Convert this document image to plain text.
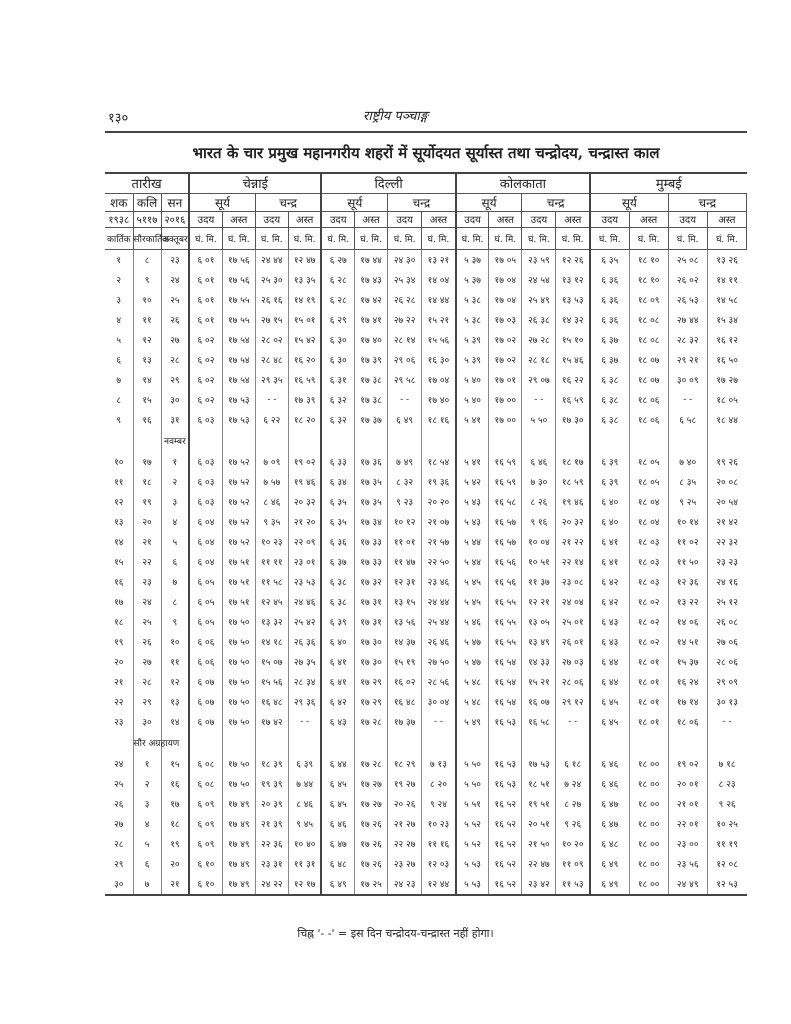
१३०	राष्ट्रीय पञ्चाङ्ग
भारत के चार प्रमुख महानगरीय शहरों में सूर्योदयत सूर्यास्त तथा चन्द्रोदय, चन्द्रास्त काल
तारीख			चेन्नाई				दिल्ली				कोलकाता				मुम्बई			
शक	कलि	सन	सूर्य		चन्द्र		सूर्य		चन्द्र		सूर्य		चन्द्र		सूर्य		चन्द्र	
१९३८	५११७	२०१६	उदय	अस्त	उदय	अस्त	उदय	अस्त	उदय	अस्त	उदय	अस्त	उदय	अस्त	उदय	अस्त	उदय	अस्त
कार्तिक	सौरकार्तिक	अक्तूबर	घं. मि.	घं. मि.	घं. मि.	घं. मि.	घं. मि.	घं. मि.	घं. मि.	घं. मि.	घं. मि.	घं. मि.	घं. मि.	घं. मि.	घं. मि.	घं. मि.	घं. मि.	घं. मि.
१	८	२३	६ ०१	१७ ५६	२४ ४४	१२ ४७	६ २७	१७ ४४	२४ ३०	१३ २१	५ ३७	१७ ०५	२३ ५९	१२ २६	६ ३५	१८ १०	२५ ०८	१३ २६
२	९	२४	६ ०१	१७ ५६	२५ ३०	१३ ३५	६ २८	१७ ४३	२५ ३४	१४ ०४	५ ३७	१७ ०४	२४ ५४	१३ १२	६ ३६	१८ १०	२६ ०२	१४ ११
३	१०	२५	६ ०१	१७ ५५	२६ १६	१४ १९	६ २८	१७ ४२	२६ २८	१४ ४४	५ ३८	१७ ०४	२५ ४९	१३ ५३	६ ३६	१८ ०९	२६ ५३	१४ ५८
४	११	२६	६ ०१	१७ ५५	२७ १५	१५ ०१	६ २९	१७ ४१	२७ २२	१५ २१	५ ३८	१७ ०३	२६ ३८	१४ ३२	६ ३६	१८ ०८	२७ ४४	१५ ३४
५	१२	२७	६ ०२	१७ ५४	२८ ०२	१५ ४२	६ ३०	१७ ४०	२८ १४	१५ ५६	५ ३९	१७ ०२	२७ २८	१५ १०	६ ३७	१८ ०८	२८ ३२	१६ १२
६	१३	२८	६ ०२	१७ ५४	२८ ४८	१६ २०	६ ३०	१७ ३९	२९ ०६	१६ ३०	५ ३९	१७ ०२	२८ १८	१५ ४६	६ ३७	१८ ०७	२९ २१	१६ ५०
७	१४	२९	६ ०२	१७ ५४	२९ ३५	१६ ५९	६ ३१	१७ ३८	२९ ५८	१७ ०४	५ ४०	१७ ०१	२९ ०७	१६ २२	६ ३८	१८ ०७	३० ०९	१७ २७
८	१५	३०	६ ०२	१७ ५३	- -	१७ ३९	६ ३२	१७ ३८	- -	१७ ४०	५ ४०	१७ ००	- -	१६ ५९	६ ३८	१८ ०६	- -	१८ ०५
९	१६	३१	६ ०३	१७ ५३	६ २२	१८ २०	६ ३२	१७ ३७	६ ४९	१८ १६	५ ४१	१७ ००	५ ५०	१७ ३०	६ ३८	१८ ०६	६ ५८	१८ ४४
		नवम्बर																
१०	१७	१	६ ०३	१७ ५२	७ ०९	१९ ०२	६ ३३	१७ ३६	७ ४९	१८ ५४	५ ४१	१६ ५९	६ ४६	१८ १७	६ ३९	१८ ०५	७ ४०	१९ २६
११	१८	२	६ ०३	१७ ५२	७ ५७	१९ ४६	६ ३४	१७ ३५	८ ३२	१९ ३६	५ ४२	१६ ५९	७ ३०	१८ ५९	६ ३९	१८ ०५	८ ३५	२० ०८
१२	१९	३	६ ०३	१७ ५२	८ ४६	२० ३२	६ ३५	१७ ३५	९ २३	२० २०	५ ४३	१६ ५८	८ २६	१९ ४६	६ ४०	१८ ०४	९ २५	२० ५४
१३	२०	४	६ ०४	१७ ५२	९ ३५	२१ २०	६ ३५	१७ ३४	१० १२	२१ ०७	५ ४३	१६ ५७	९ १६	२० ३२	६ ४०	१८ ०४	१० १४	२१ ४२
१४	२१	५	६ ०४	१७ ५२	१० २३	२२ ०९	६ ३६	१७ ३३	११ ०१	२१ ५७	५ ४४	१६ ५७	१० ०४	२१ २२	६ ४१	१८ ०३	११ ०२	२२ ३२
१५	२२	६	६ ०४	१७ ५१	११ ११	२३ ०१	६ ३७	१७ ३३	११ ४७	२२ ५०	५ ४४	१६ ५६	१० ५१	२२ १४	६ ४१	१८ ०३	११ ५०	२३ २३
१६	२३	७	६ ०५	१७ ५१	११ ५८	२३ ५३	६ ३८	१७ ३२	१२ ३१	२३ ४६	५ ४५	१६ ५६	११ ३७	२३ ०८	६ ४२	१८ ०३	१२ ३६	२४ १६
१७	२४	८	६ ०५	१७ ५१	१२ ४५	२४ ४६	६ ३८	१७ ३१	१३ १५	२४ ४४	५ ४५	१६ ५५	१२ २१	२४ ०४	६ ४२	१८ ०२	१३ २२	२५ १२
१८	२५	९	६ ०५	१७ ५०	१३ ३२	२५ ४२	६ ३९	१७ ३१	१३ ५६	२५ ४४	५ ४६	१६ ५५	१३ ०५	२५ ०१	६ ४३	१८ ०२	१४ ०६	२६ ०८
१९	२६	१०	६ ०६	१७ ५०	१४ १८	२६ ३६	६ ४०	१७ ३०	१४ ३७	२६ ४६	५ ४७	१६ ५५	१३ ४९	२६ ०१	६ ४३	१८ ०२	१४ ५१	२७ ०६
२०	२७	११	६ ०६	१७ ५०	१५ ०७	२७ ३५	६ ४१	१७ ३०	१५ १९	२७ ५०	५ ४७	१६ ५४	१४ ३३	२७ ०३	६ ४४	१८ ०१	१५ ३७	२८ ०६
२१	२८	१२	६ ०७	१७ ५०	१५ ५६	२८ ३४	६ ४१	१७ २९	१६ ०२	२८ ५६	५ ४८	१६ ५४	१५ २१	२८ ०६	६ ४४	१८ ०१	१६ २४	२९ ०९
२२	२९	१३	६ ०७	१७ ५०	१६ ४८	२९ ३६	६ ४२	१७ २९	१६ ४८	३० ०४	५ ४८	१६ ५४	१६ ०७	२९ १२	६ ४५	१८ ०१	१७ १४	३० १३
२३	३०	१४	६ ०७	१७ ५०	१७ ४२	- -	६ ४३	१७ २८	१७ ३७	- -	५ ४९	१६ ५३	१६ ५८	- -	६ ४५	१८ ०१	१८ ०६	- -
	सौर अग्रहायण																	
२४	१	१५	६ ०८	१७ ५०	१८ ३९	६ ३९	६ ४४	१७ २८	१८ २९	७ १३	५ ५०	१६ ५३	१७ ५३	६ १८	६ ४६	१८ ००	१९ ०२	७ १८
२५	२	१६	६ ०८	१७ ५०	१९ ३९	७ ४४	६ ४५	१७ २७	१९ २७	८ २०	५ ५०	१६ ५३	१८ ५१	७ २४	६ ४६	१८ ००	२० ०१	८ २३
२६	३	१७	६ ०९	१७ ४९	२० ३९	८ ४६	६ ४५	१७ २७	२० २६	९ २४	५ ५१	१६ ५२	१९ ५१	८ २७	६ ४७	१८ ००	२१ ०१	९ २६
२७	४	१८	६ ०९	१७ ४९	२१ ३९	९ ४५	६ ४६	१७ २६	२१ २७	१० २३	५ ५२	१६ ५२	२० ५१	९ २६	६ ४७	१८ ००	२२ ०१	१० २५
२८	५	१९	६ ०९	१७ ४९	२२ ३६	१० ४०	६ ४७	१७ २६	२२ २७	११ १६	५ ५२	१६ ५२	२१ ५०	१० २०	६ ४८	१८ ००	२३ ००	११ १९
२९	६	२०	६ १०	१७ ४९	२३ ३१	११ ३१	६ ४८	१७ २६	२३ २७	१२ ०३	५ ५३	१६ ५२	२२ ४७	११ ०९	६ ४९	१८ ००	२३ ५६	१२ ०८
३०	७	२१	६ १०	१७ ४९	२४ २२	१२ १७	६ ४९	१७ २५	२४ २३	१२ ४४	५ ५३	१६ ५२	२३ ४२	११ ५३	६ ४९	१८ ००	२४ ४९	१२ ५३
चिह्न '- -' = इस दिन चन्द्रोदय-चन्द्रास्त नहीं होगा।
